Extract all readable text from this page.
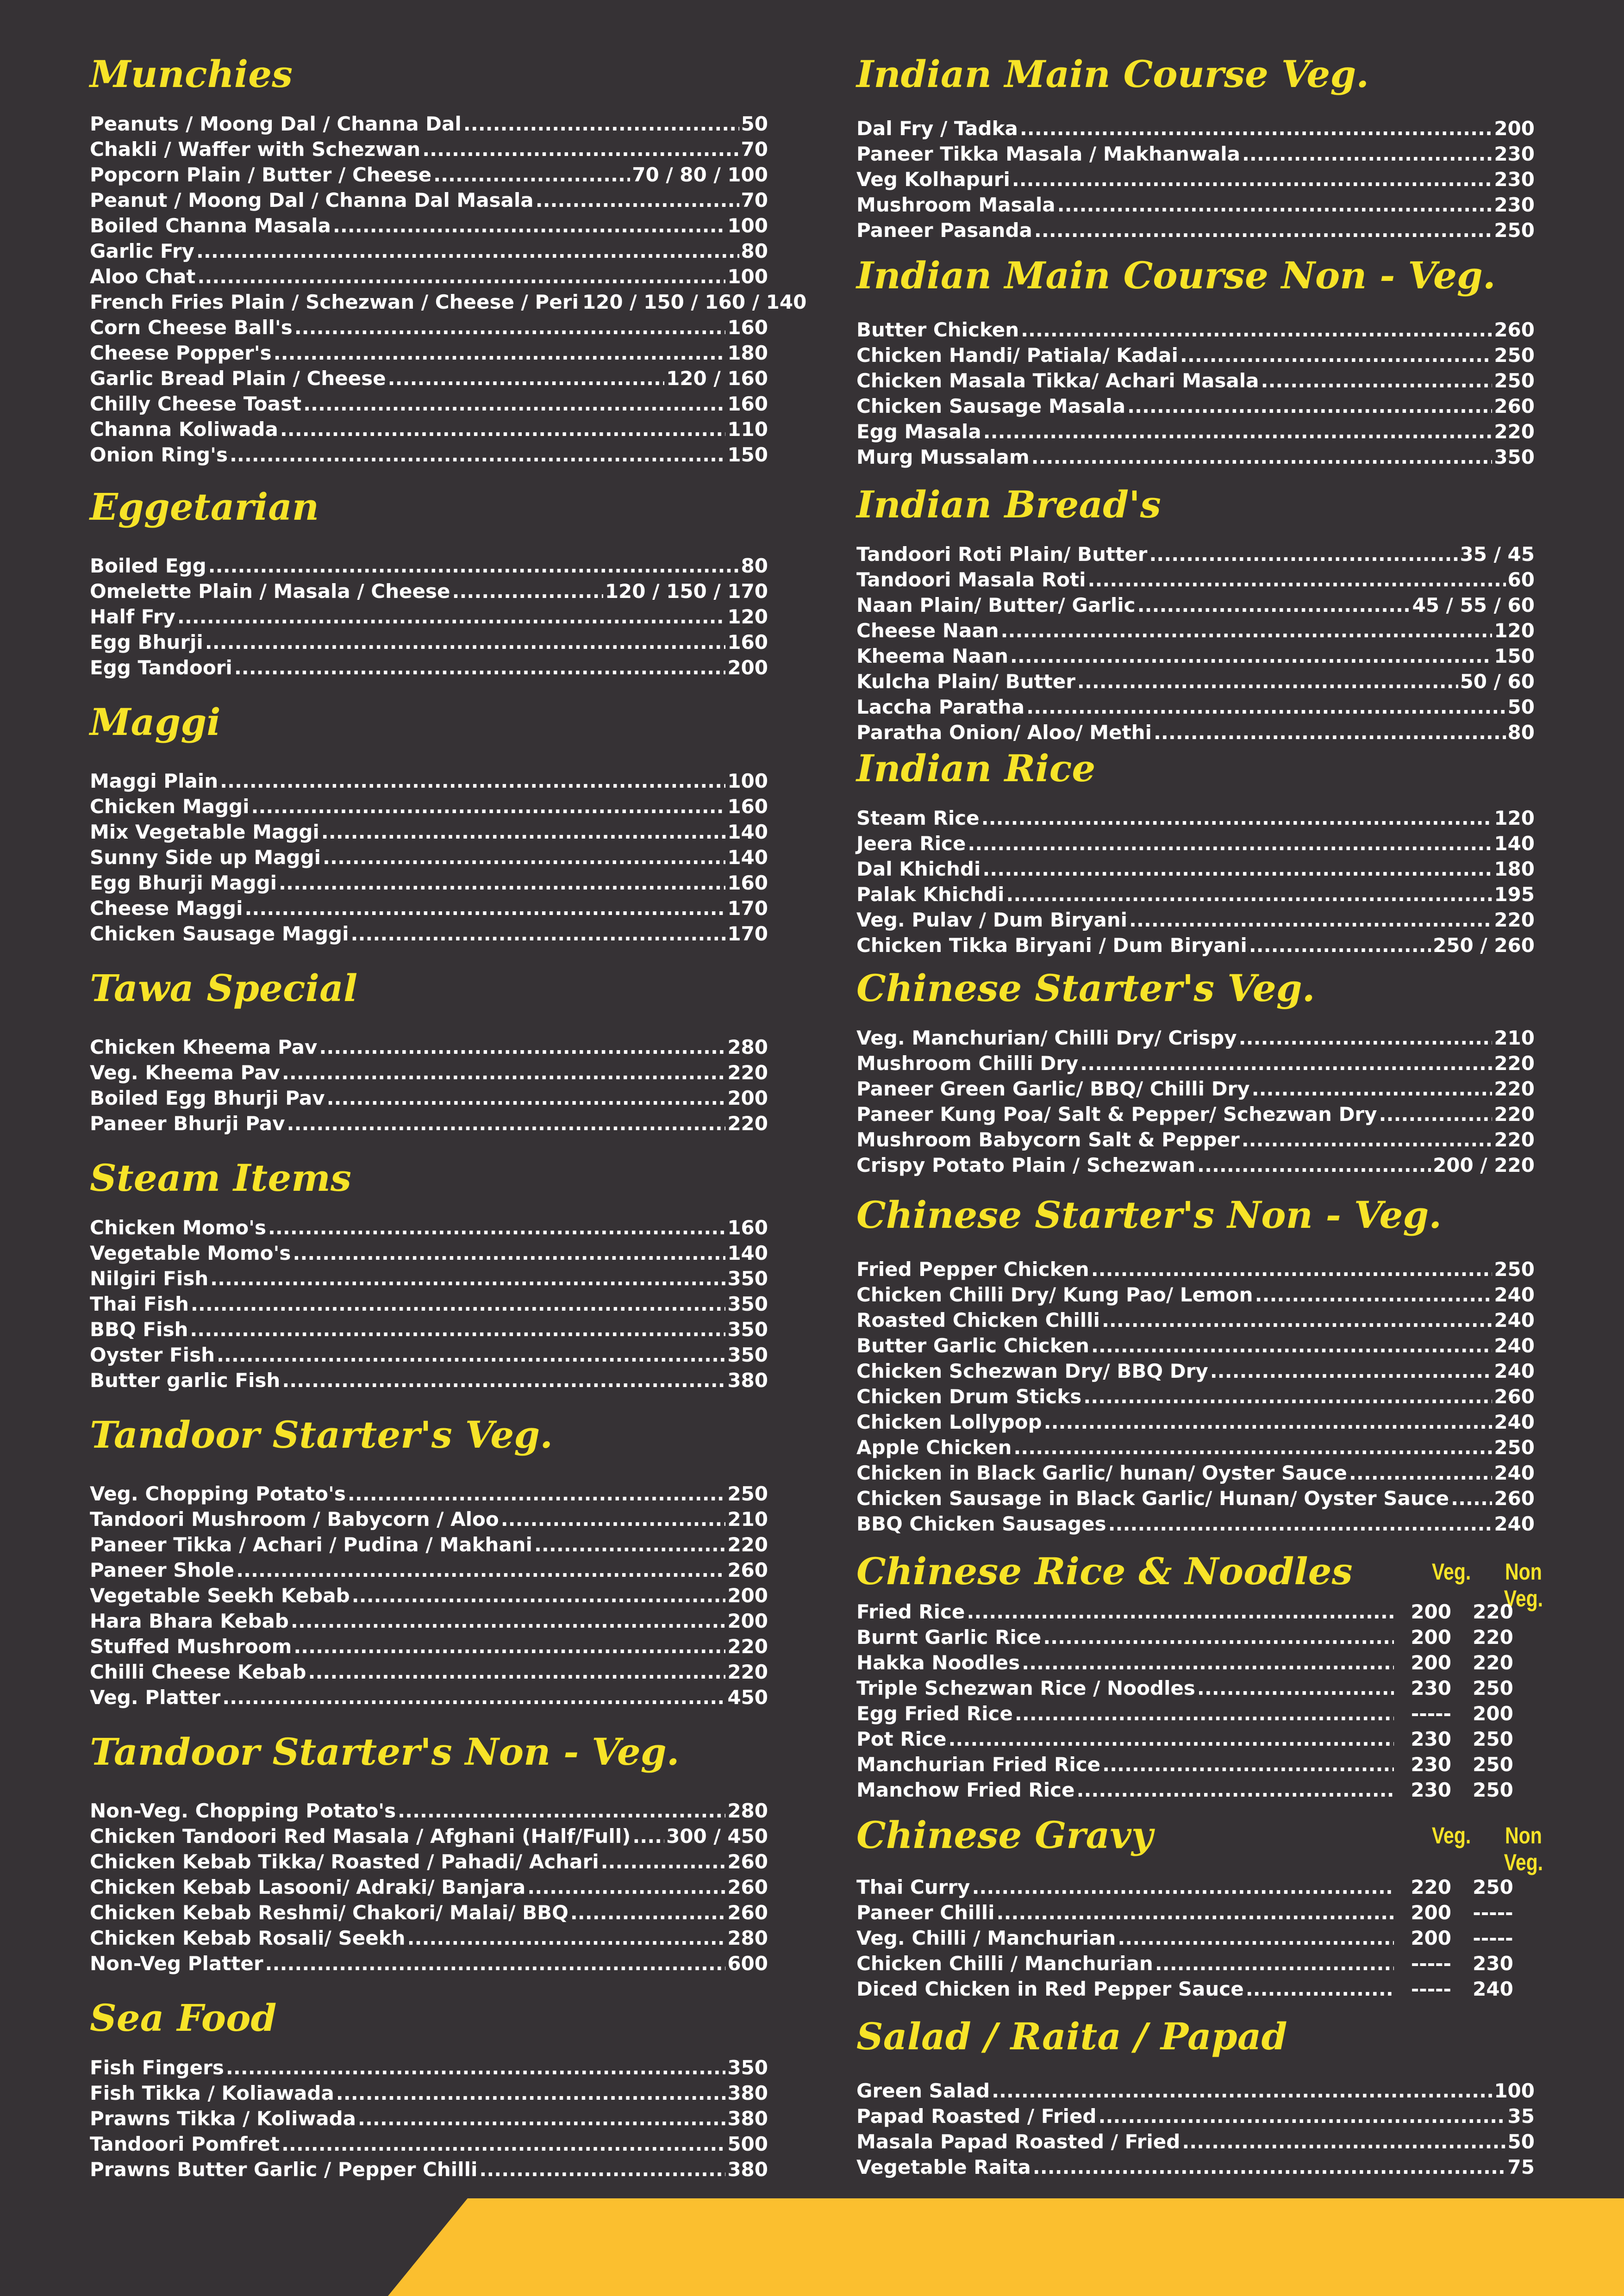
Munchies
Peanuts / Moong Dal / Channa Dal .....	50
Chakli / Waffer with Schezwan .....	70
Popcorn Plain / Butter / Cheese .....	70 / 80 / 100
Peanut / Moong Dal / Channa Dal Masala .....	70
Boiled Channa Masala .....	100
Garlic Fry .....	80
Aloo Chat .....	100
French Fries Plain / Schezwan / Cheese / Peri 120 / 150 / 160 / 140
Corn Cheese Ball's .....	160
Cheese Popper's .....	180
Garlic Bread Plain / Cheese .....	120 / 160
Chilly Cheese Toast .....	160
Channa Koliwada .....	110
Onion Ring's .....	150
Eggetarian
Boiled Egg .....	80
Omelette Plain / Masala / Cheese .....	120 / 150 / 170
Half Fry .....	120
Egg Bhurji .....	160
Egg Tandoori .....	200
Maggi
Maggi Plain .....	100
Chicken Maggi .....	160
Mix Vegetable Maggi .....	140
Sunny Side up Maggi .....	140
Egg Bhurji Maggi .....	160
Cheese Maggi .....	170
Chicken Sausage Maggi .....	170
Tawa Special
Chicken Kheema Pav .....	280
Veg. Kheema Pav .....	220
Boiled Egg Bhurji Pav .....	200
Paneer Bhurji Pav .....	220
Steam Items
Chicken Momo's .....	160
Vegetable Momo's .....	140
Nilgiri Fish .....	350
Thai Fish .....	350
BBQ Fish .....	350
Oyster Fish .....	350
Butter garlic Fish .....	380
Tandoor Starter's Veg.
Veg. Chopping Potato's .....	250
Tandoori Mushroom / Babycorn / Aloo .....	210
Paneer Tikka / Achari / Pudina / Makhani .....	220
Paneer Shole .....	260
Vegetable Seekh Kebab .....	200
Hara Bhara Kebab .....	200
Stuffed Mushroom .....	220
Chilli Cheese Kebab .....	220
Veg. Platter .....	450
Tandoor Starter's Non - Veg.
Non-Veg. Chopping Potato's .....	280
Chicken Tandoori Red Masala / Afghani (Half/Full) ..... 300 / 450
Chicken Kebab Tikka/ Roasted / Pahadi/ Achari .....	260
Chicken Kebab Lasooni/ Adraki/ Banjara .....	260
Chicken Kebab Reshmi/ Chakori/ Malai/ BBQ .....	260
Chicken Kebab Rosali/ Seekh .....	280
Non-Veg Platter .....	600
Sea Food
Fish Fingers .....	350
Fish Tikka / Koliawada .....	380
Prawns Tikka / Koliwada .....	380
Tandoori Pomfret .....	500
Prawns Butter Garlic / Pepper Chilli .....	380
Indian Main Course Veg.
Dal Fry / Tadka .....	200
Paneer Tikka Masala / Makhanwala .....	230
Veg Kolhapuri .....	230
Mushroom Masala .....	230
Paneer Pasanda .....	250
Indian Main Course Non - Veg.
Butter Chicken .....	260
Chicken Handi/ Patiala/ Kadai .....	250
Chicken Masala Tikka/ Achari Masala .....	250
Chicken Sausage Masala .....	260
Egg Masala .....	220
Murg Mussalam .....	350
Indian Bread's
Tandoori Roti Plain/ Butter .....	35 / 45
Tandoori Masala Roti .....	60
Naan Plain/ Butter/ Garlic .....	45 / 55 / 60
Cheese Naan .....	120
Kheema Naan .....	150
Kulcha Plain/ Butter .....	50 / 60
Laccha Paratha .....	50
Paratha Onion/ Aloo/ Methi .....	80
Indian Rice
Steam Rice .....	120
Jeera Rice .....	140
Dal Khichdi .....	180
Palak Khichdi .....	195
Veg. Pulav / Dum Biryani .....	220
Chicken Tikka Biryani / Dum Biryani .....	250 / 260
Chinese Starter's Veg.
Veg. Manchurian/ Chilli Dry/ Crispy .....	210
Mushroom Chilli Dry .....	220
Paneer Green Garlic/ BBQ/ Chilli Dry .....	220
Paneer Kung Poa/ Salt & Pepper/ Schezwan Dry .....	220
Mushroom Babycorn Salt & Pepper .....	220
Crispy Potato Plain / Schezwan .....	200 / 220
Chinese Starter's Non - Veg.
Fried Pepper Chicken .....	250
Chicken Chilli Dry/ Kung Pao/ Lemon .....	240
Roasted Chicken Chilli .....	240
Butter Garlic Chicken .....	240
Chicken Schezwan Dry/ BBQ Dry .....	240
Chicken Drum Sticks .....	260
Chicken Lollypop .....	240
Apple Chicken .....	250
Chicken in Black Garlic/ hunan/ Oyster Sauce .....	240
Chicken Sausage in Black Garlic/ Hunan/ Oyster Sauce ..... 260
BBQ Chicken Sausages .....	240
Chinese Rice & Noodles	Veg.	Non Veg.
Fried Rice .....	200	220
Burnt Garlic Rice .....	200	220
Hakka Noodles .....	200	220
Triple Schezwan Rice / Noodles .....	230	250
Egg Fried Rice .....	-----	200
Pot Rice .....	230	250
Manchurian Fried Rice .....	230	250
Manchow Fried Rice .....	230	250
Chinese Gravy	Veg.	Non Veg.
Thai Curry .....	220	250
Paneer Chilli .....	200	-----
Veg. Chilli / Manchurian .....	200	-----
Chicken Chilli / Manchurian .....	-----	230
Diced Chicken in Red Pepper Sauce .....	-----	240
Salad / Raita / Papad
Green Salad .....	100
Papad Roasted / Fried .....	35
Masala Papad Roasted / Fried .....	50
Vegetable Raita .....	75
